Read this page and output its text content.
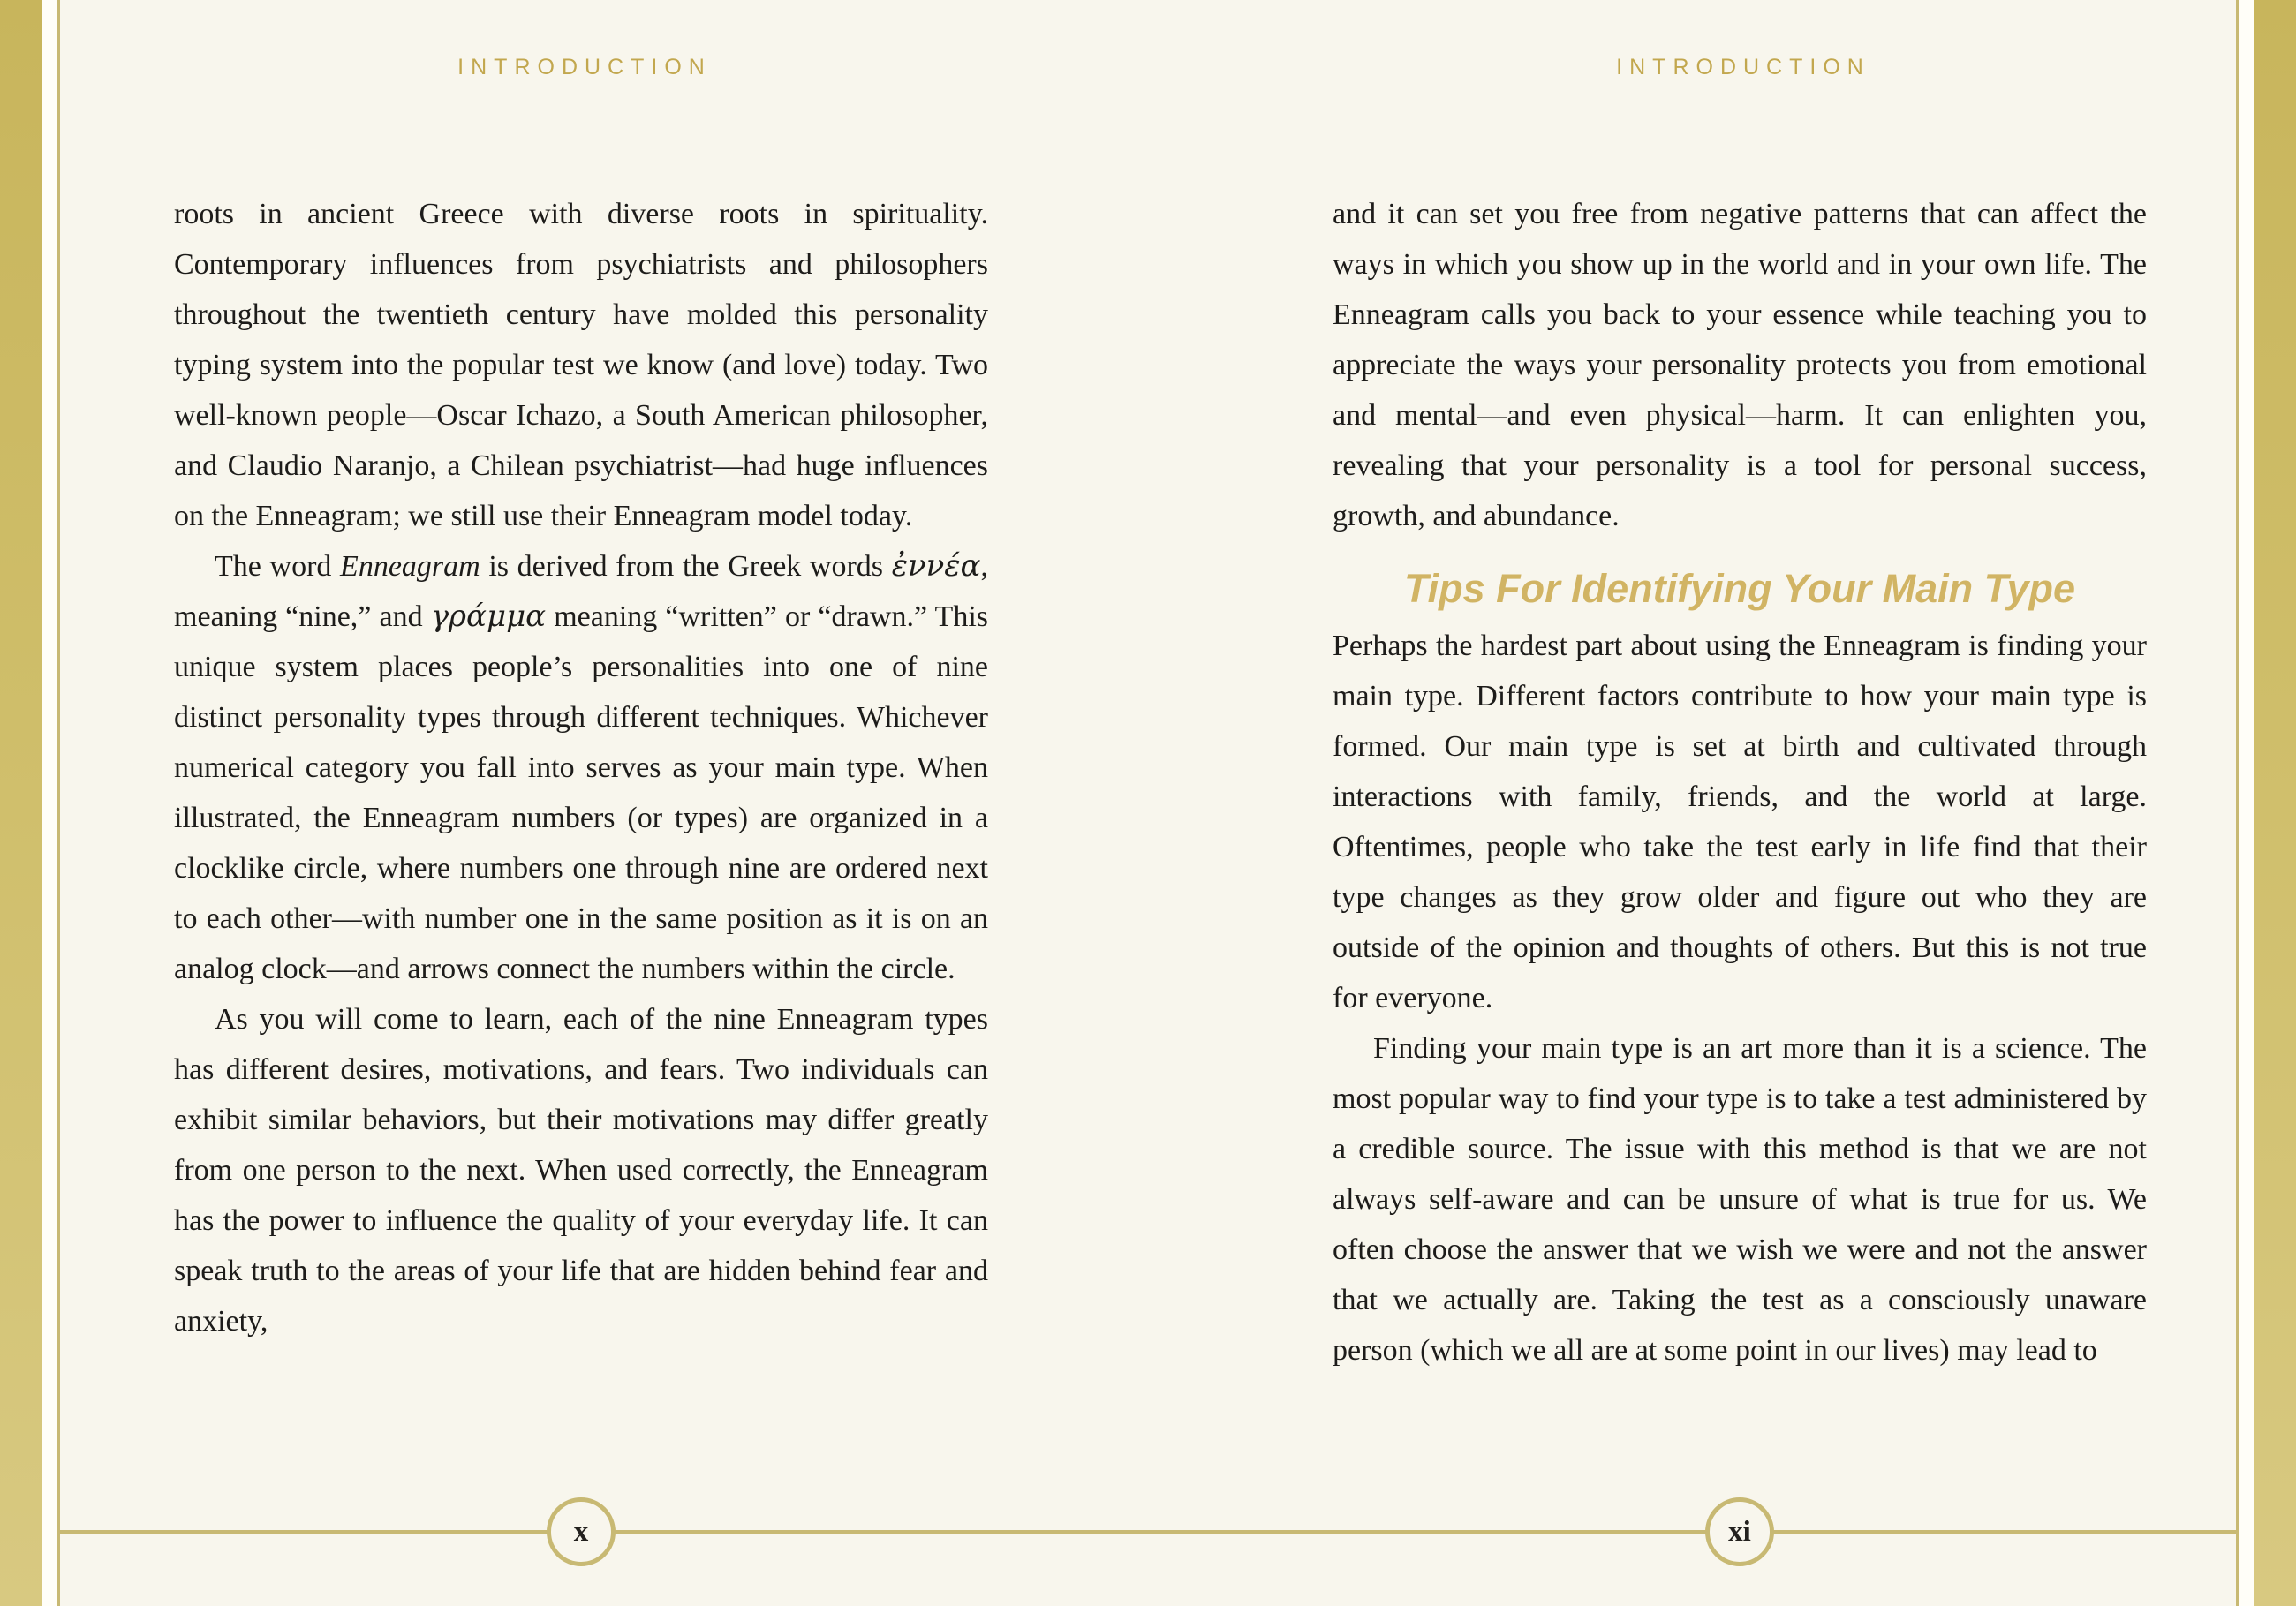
INTRODUCTION

roots in ancient Greece with diverse roots in spirituality. Contemporary influences from psychiatrists and philosophers throughout the twentieth century have molded this personality typing system into the popular test we know (and love) today. Two well-known people—Oscar Ichazo, a South American philosopher, and Claudio Naranjo, a Chilean psychiatrist—had huge influences on the Enneagram; we still use their Enneagram model today.

The word Enneagram is derived from the Greek words ἐννέα, meaning “nine,” and γράμμα meaning “written” or “drawn.” This unique system places people’s personalities into one of nine distinct personality types through different techniques. Whichever numerical category you fall into serves as your main type. When illustrated, the Enneagram numbers (or types) are organized in a clocklike circle, where numbers one through nine are ordered next to each other—with number one in the same position as it is on an analog clock—and arrows connect the numbers within the circle.

As you will come to learn, each of the nine Enneagram types has different desires, motivations, and fears. Two individuals can exhibit similar behaviors, but their motivations may differ greatly from one person to the next. When used correctly, the Enneagram has the power to influence the quality of your everyday life. It can speak truth to the areas of your life that are hidden behind fear and anxiety,

INTRODUCTION

and it can set you free from negative patterns that can affect the ways in which you show up in the world and in your own life. The Enneagram calls you back to your essence while teaching you to appreciate the ways your personality protects you from emotional and mental—and even physical—harm. It can enlighten you, revealing that your personality is a tool for personal success, growth, and abundance.

Tips For Identifying Your Main Type

Perhaps the hardest part about using the Enneagram is finding your main type. Different factors contribute to how your main type is formed. Our main type is set at birth and cultivated through interactions with family, friends, and the world at large. Oftentimes, people who take the test early in life find that their type changes as they grow older and figure out who they are outside of the opinion and thoughts of others. But this is not true for everyone.

Finding your main type is an art more than it is a science. The most popular way to find your type is to take a test administered by a credible source. The issue with this method is that we are not always self-aware and can be unsure of what is true for us. We often choose the answer that we wish we were and not the answer that we actually are. Taking the test as a consciously unaware person (which we all are at some point in our lives) may lead to

x	xi
